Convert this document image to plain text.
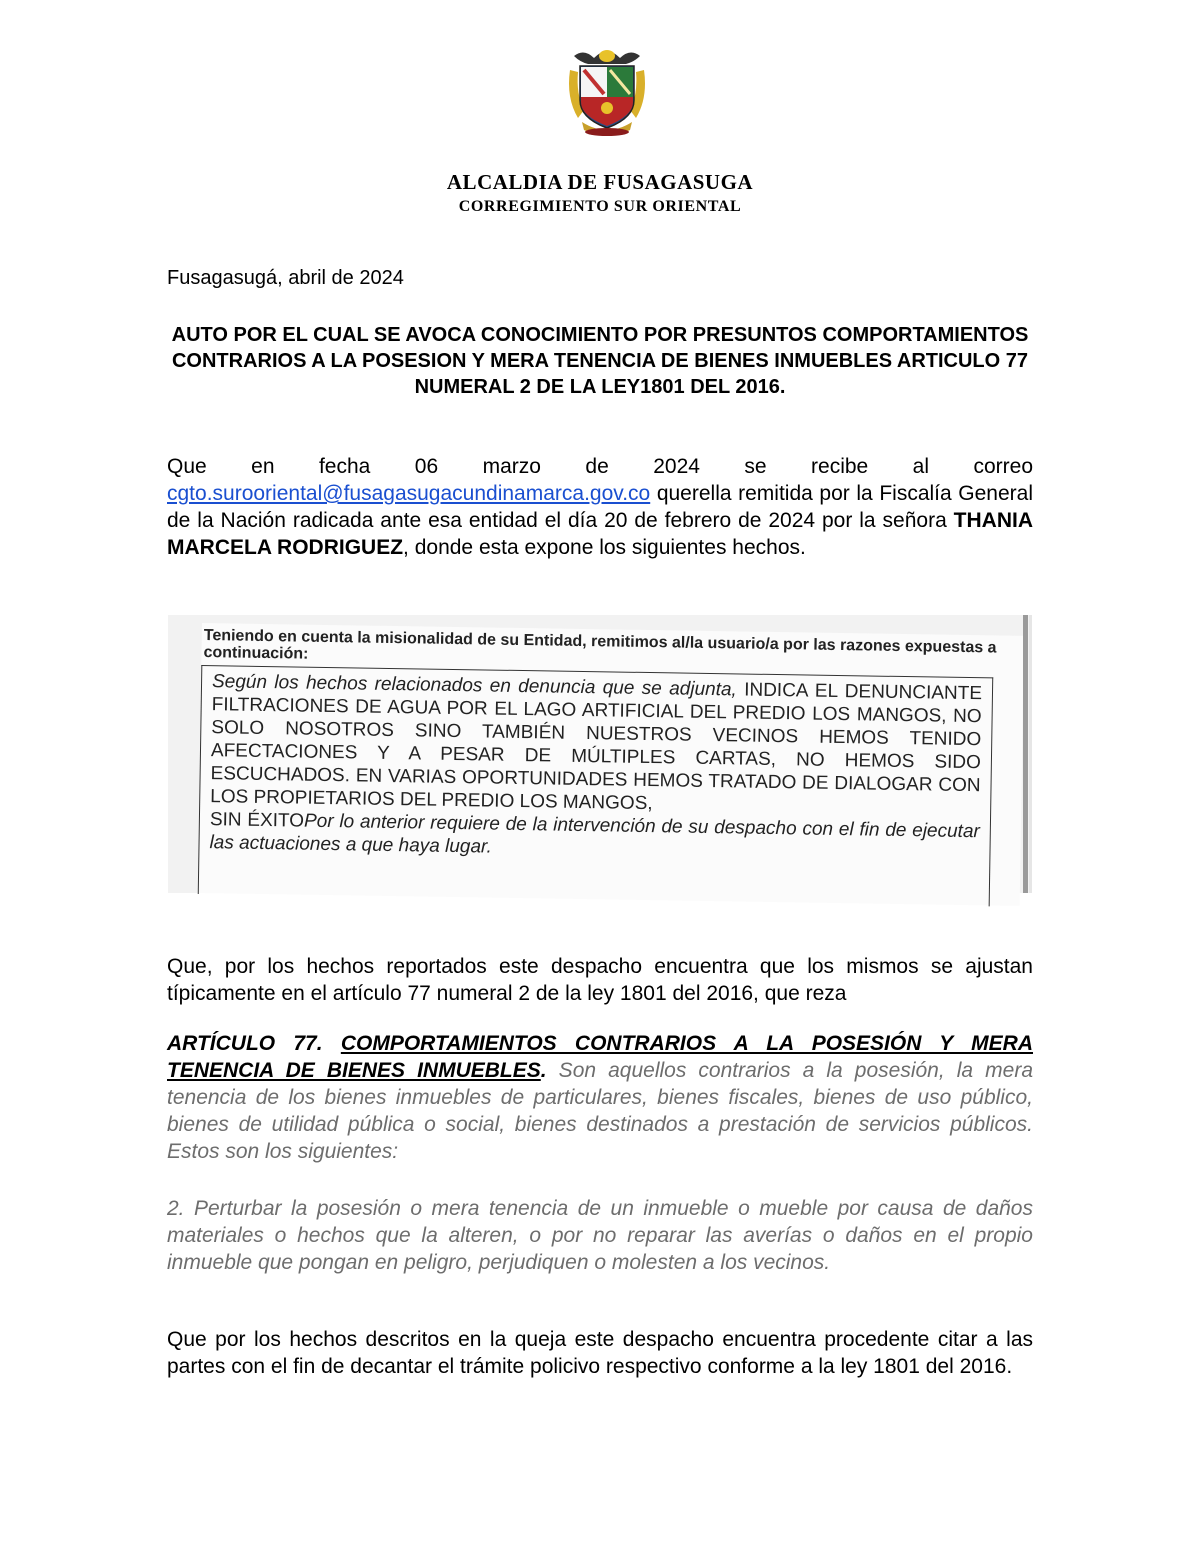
ALCALDIA DE FUSAGASUGA
CORREGIMIENTO SUR ORIENTAL
Fusagasugá, abril de 2024
AUTO POR EL CUAL SE AVOCA CONOCIMIENTO POR PRESUNTOS COMPORTAMIENTOS CONTRARIOS A LA POSESION Y MERA TENENCIA DE BIENES INMUEBLES ARTICULO 77 NUMERAL 2 DE LA LEY1801 DEL 2016.
Que en fecha 06 marzo de 2024 se recibe al correo cgto.surooriental@fusagasugacundinamarca.gov.co querella remitida por la Fiscalía General de la Nación radicada ante esa entidad el día 20 de febrero de 2024 por la señora THANIA MARCELA RODRIGUEZ, donde esta expone los siguientes hechos.
Teniendo en cuenta la misionalidad de su Entidad, remitimos al/la usuario/a por las razones expuestas a continuación:
Según los hechos relacionados en denuncia que se adjunta, INDICA EL DENUNCIANTE FILTRACIONES DE AGUA POR EL LAGO ARTIFICIAL DEL PREDIO LOS MANGOS, NO SOLO NOSOTROS SINO TAMBIÉN NUESTROS VECINOS HEMOS TENIDO AFECTACIONES Y A PESAR DE MÚLTIPLES CARTAS, NO HEMOS SIDO ESCUCHADOS. EN VARIAS OPORTUNIDADES HEMOS TRATADO DE DIALOGAR CON LOS PROPIETARIOS DEL PREDIO LOS MANGOS,
SIN ÉXITOPor lo anterior requiere de la intervención de su despacho con el fin de ejecutar las actuaciones a que haya lugar.
Que, por los hechos reportados este despacho encuentra que los mismos se ajustan típicamente en el artículo 77 numeral 2 de la ley 1801 del 2016, que reza
ARTÍCULO 77. COMPORTAMIENTOS CONTRARIOS A LA POSESIÓN Y MERA TENENCIA DE BIENES INMUEBLES. Son aquellos contrarios a la posesión, la mera tenencia de los bienes inmuebles de particulares, bienes fiscales, bienes de uso público, bienes de utilidad pública o social, bienes destinados a prestación de servicios públicos. Estos son los siguientes:
2. Perturbar la posesión o mera tenencia de un inmueble o mueble por causa de daños materiales o hechos que la alteren, o por no reparar las averías o daños en el propio inmueble que pongan en peligro, perjudiquen o molesten a los vecinos.
Que por los hechos descritos en la queja este despacho encuentra procedente citar a las partes con el fin de decantar el trámite policivo respectivo conforme a la ley 1801 del 2016.
